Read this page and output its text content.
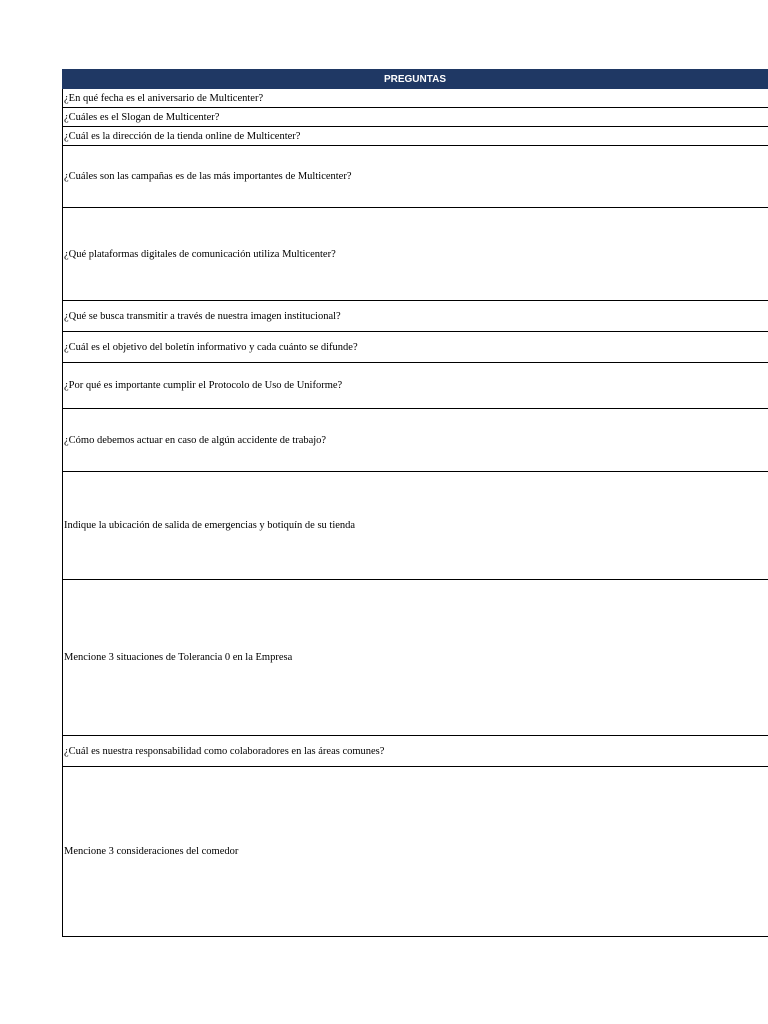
PREGUNTAS
¿En qué fecha es el aniversario de Multicenter?
¿Cuáles es el Slogan de Multicenter?
¿Cuál es la dirección de la tienda online de Multicenter?
¿Cuáles son las campañas es de las más importantes de Multicenter?
¿Qué plataformas digitales de comunicación utiliza Multicenter?
¿Qué se busca transmitir a través de nuestra imagen institucional?
¿Cuál es el objetivo del boletín informativo y cada cuánto se difunde?
¿Por qué es importante cumplir el Protocolo de Uso de Uniforme?
¿Cómo debemos actuar en caso de algún accidente de trabajo?
Indique la ubicación de salida de emergencias y botiquín de su tienda
Mencione 3 situaciones de Tolerancia 0 en la Empresa
¿Cuál es nuestra responsabilidad como colaboradores en las áreas comunes?
Mencione 3 consideraciones del comedor
